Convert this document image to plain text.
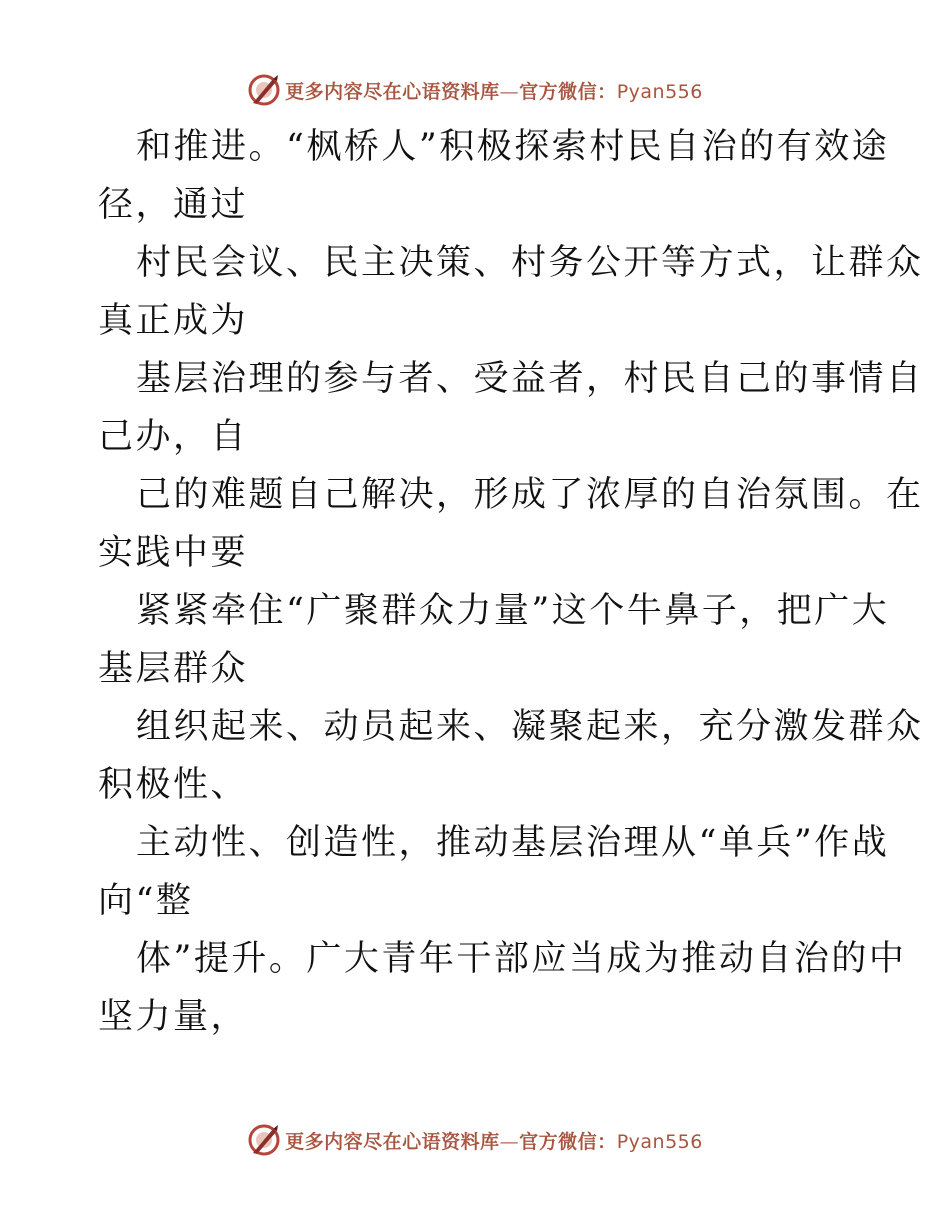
更多内容尽在心语资料库—官方微信：Pyan556
和推进。“枫桥人”积极探索村民自治的有效途
径，通过
村民会议、民主决策、村务公开等方式，让群众
真正成为
基层治理的参与者、受益者，村民自己的事情自
己办，自
己的难题自己解决，形成了浓厚的自治氛围。在
实践中要
紧紧牵住“广聚群众力量”这个牛鼻子，把广大
基层群众
组织起来、动员起来、凝聚起来，充分激发群众
积极性、
主动性、创造性，推动基层治理从“单兵”作战
向“整
体”提升。广大青年干部应当成为推动自治的中
坚力量，
更多内容尽在心语资料库—官方微信：Pyan556
